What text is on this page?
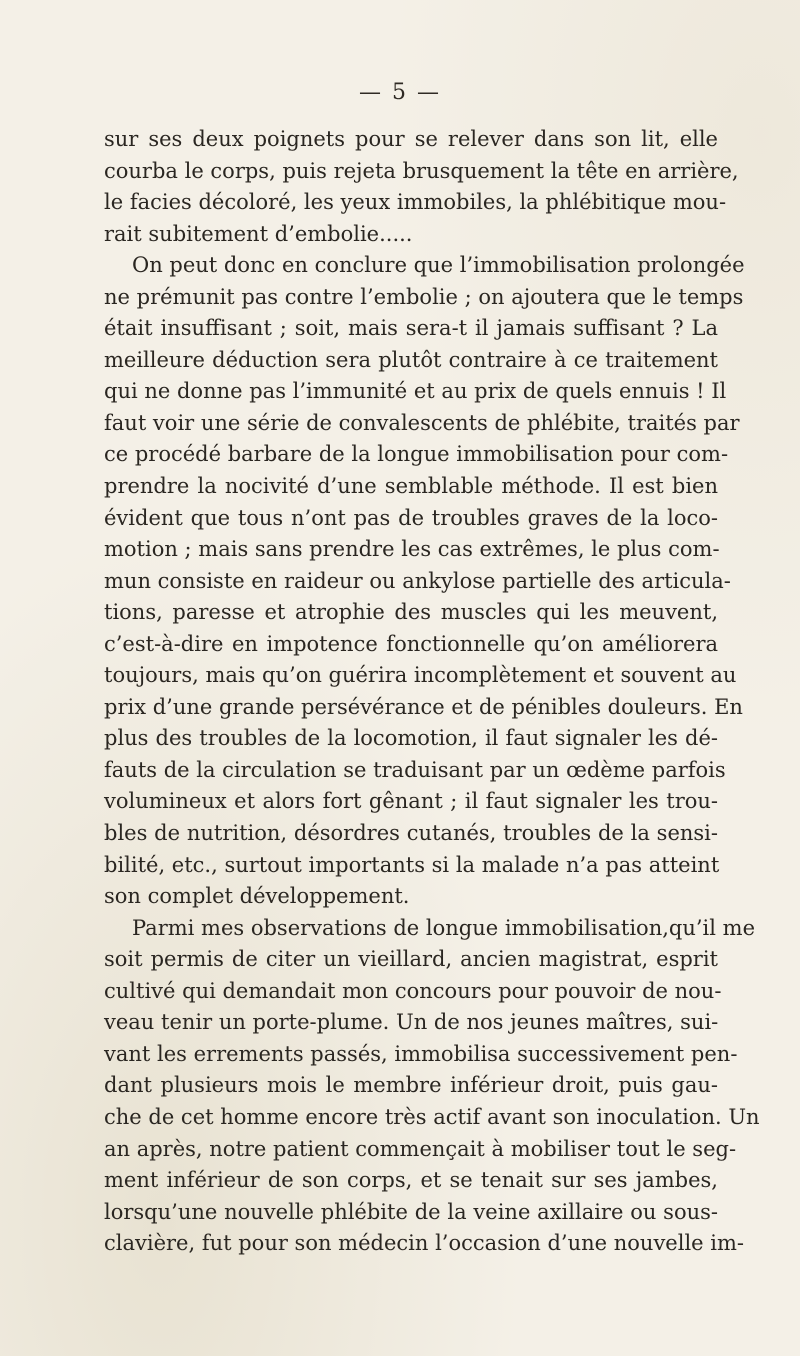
— 5 —
sur ses deux poignets pour se relever dans son lit, elle
courba le corps, puis rejeta brusquement la tête en arrière,
le facies décoloré, les yeux immobiles, la phlébitique mou-
rait subitement d’embolie.....
On peut donc en conclure que l’immobilisation prolongée
ne prémunit pas contre l’embolie ; on ajoutera que le temps
était insuffisant ; soit, mais sera-t il jamais suffisant ? La
meilleure déduction sera plutôt contraire à ce traitement
qui ne donne pas l’immunité et au prix de quels ennuis ! Il
faut voir une série de convalescents de phlébite, traités par
ce procédé barbare de la longue immobilisation pour com-
prendre la nocivité d’une semblable méthode. Il est bien
évident que tous n’ont pas de troubles graves de la loco-
motion ; mais sans prendre les cas extrêmes, le plus com-
mun consiste en raideur ou ankylose partielle des articula-
tions, paresse et atrophie des muscles qui les meuvent,
c’est-à-dire en impotence fonctionnelle qu’on améliorera
toujours, mais qu’on guérira incomplètement et souvent au
prix d’une grande persévérance et de pénibles douleurs. En
plus des troubles de la locomotion, il faut signaler les dé-
fauts de la circulation se traduisant par un œdème parfois
volumineux et alors fort gênant ; il faut signaler les trou-
bles de nutrition, désordres cutanés, troubles de la sensi-
bilité, etc., surtout importants si la malade n’a pas atteint
son complet développement.
Parmi mes observations de longue immobilisation,qu’il me
soit permis de citer un vieillard, ancien magistrat, esprit
cultivé qui demandait mon concours pour pouvoir de nou-
veau tenir un porte-plume. Un de nos jeunes maîtres, sui-
vant les errements passés, immobilisa successivement pen-
dant plusieurs mois le membre inférieur droit, puis gau-
che de cet homme encore très actif avant son inoculation. Un
an après, notre patient commençait à mobiliser tout le seg-
ment inférieur de son corps, et se tenait sur ses jambes,
lorsqu’une nouvelle phlébite de la veine axillaire ou sous-
clavière, fut pour son médecin l’occasion d’une nouvelle im-
